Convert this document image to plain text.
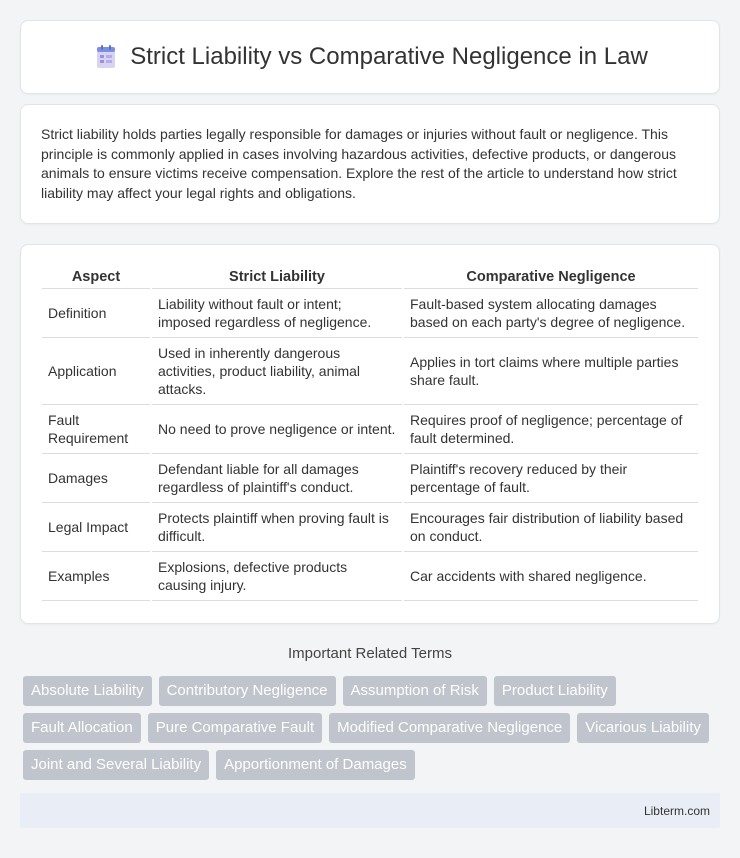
Strict Liability vs Comparative Negligence in Law

Strict liability holds parties legally responsible for damages or injuries without fault or negligence. This principle is commonly applied in cases involving hazardous activities, defective products, or dangerous animals to ensure victims receive compensation. Explore the rest of the article to understand how strict liability may affect your legal rights and obligations.

Aspect	Strict Liability	Comparative Negligence
Definition	Liability without fault or intent; imposed regardless of negligence.	Fault-based system allocating damages based on each party's degree of negligence.
Application	Used in inherently dangerous activities, product liability, animal attacks.	Applies in tort claims where multiple parties share fault.
Fault Requirement	No need to prove negligence or intent.	Requires proof of negligence; percentage of fault determined.
Damages	Defendant liable for all damages regardless of plaintiff's conduct.	Plaintiff's recovery reduced by their percentage of fault.
Legal Impact	Protects plaintiff when proving fault is difficult.	Encourages fair distribution of liability based on conduct.
Examples	Explosions, defective products causing injury.	Car accidents with shared negligence.
Important Related Terms
Absolute Liability	Contributory Negligence	Assumption of Risk	Product Liability
Fault Allocation	Pure Comparative Fault	Modified Comparative Negligence	Vicarious Liability
Joint and Several Liability	Apportionment of Damages
Libterm.com
